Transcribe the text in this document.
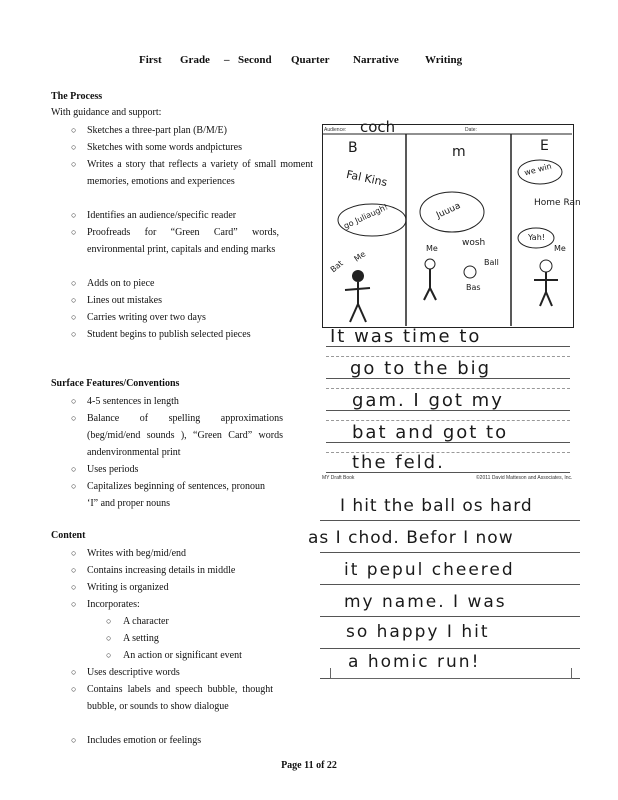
First Grade – Second Quarter Narrative Writing
The Process
With guidance and support:
○ Sketches a three-part plan (B/M/E)
○ Sketches with some words andpictures
○ Writes a story that reflects a variety of small moment memories, emotions and experiences
○ Identifies an audience/specific reader
○ Proofreads for “Green Card” words, environmental print, capitals and ending marks
○ Adds on to piece
○ Lines out mistakes
○ Carries writing over two days
○ Student begins to publish selected pieces
Surface Features/Conventions
○ 4-5 sentences in length
○ Balance of spelling approximations (beg/mid/end sounds ), “Green Card” words andenvironmental print
○ Uses periods
○ Capitalizes beginning of sentences, pronoun ‘I” and proper nouns
Content
○ Writes with beg/mid/end
○ Contains increasing details in middle
○ Writing is organized
○ Incorporates:
○ A character
○ A setting
○ An action or significant event
○ Uses descriptive words
○ Contains labels and speech bubble, thought bubble, or sounds to show dialogue
○ Includes emotion or feelings
Audience: coch	Date:
B	m	E
Fal Kins
go Juliaugh!	Juuua
we win
Home Ran
Yah!
Bat
Me
Me
wosh
Ball
Bas
Me
It was time to
go to the big
gam. I got my
bat and got to
the feld.
MY Draft Book	©2011 David Matteson and Associates, Inc.
I hit the ball os hard
as I chod. Befor I now
it pepul cheered
my name. I was
so happy I hit
a homic run!
Page 11 of 22
